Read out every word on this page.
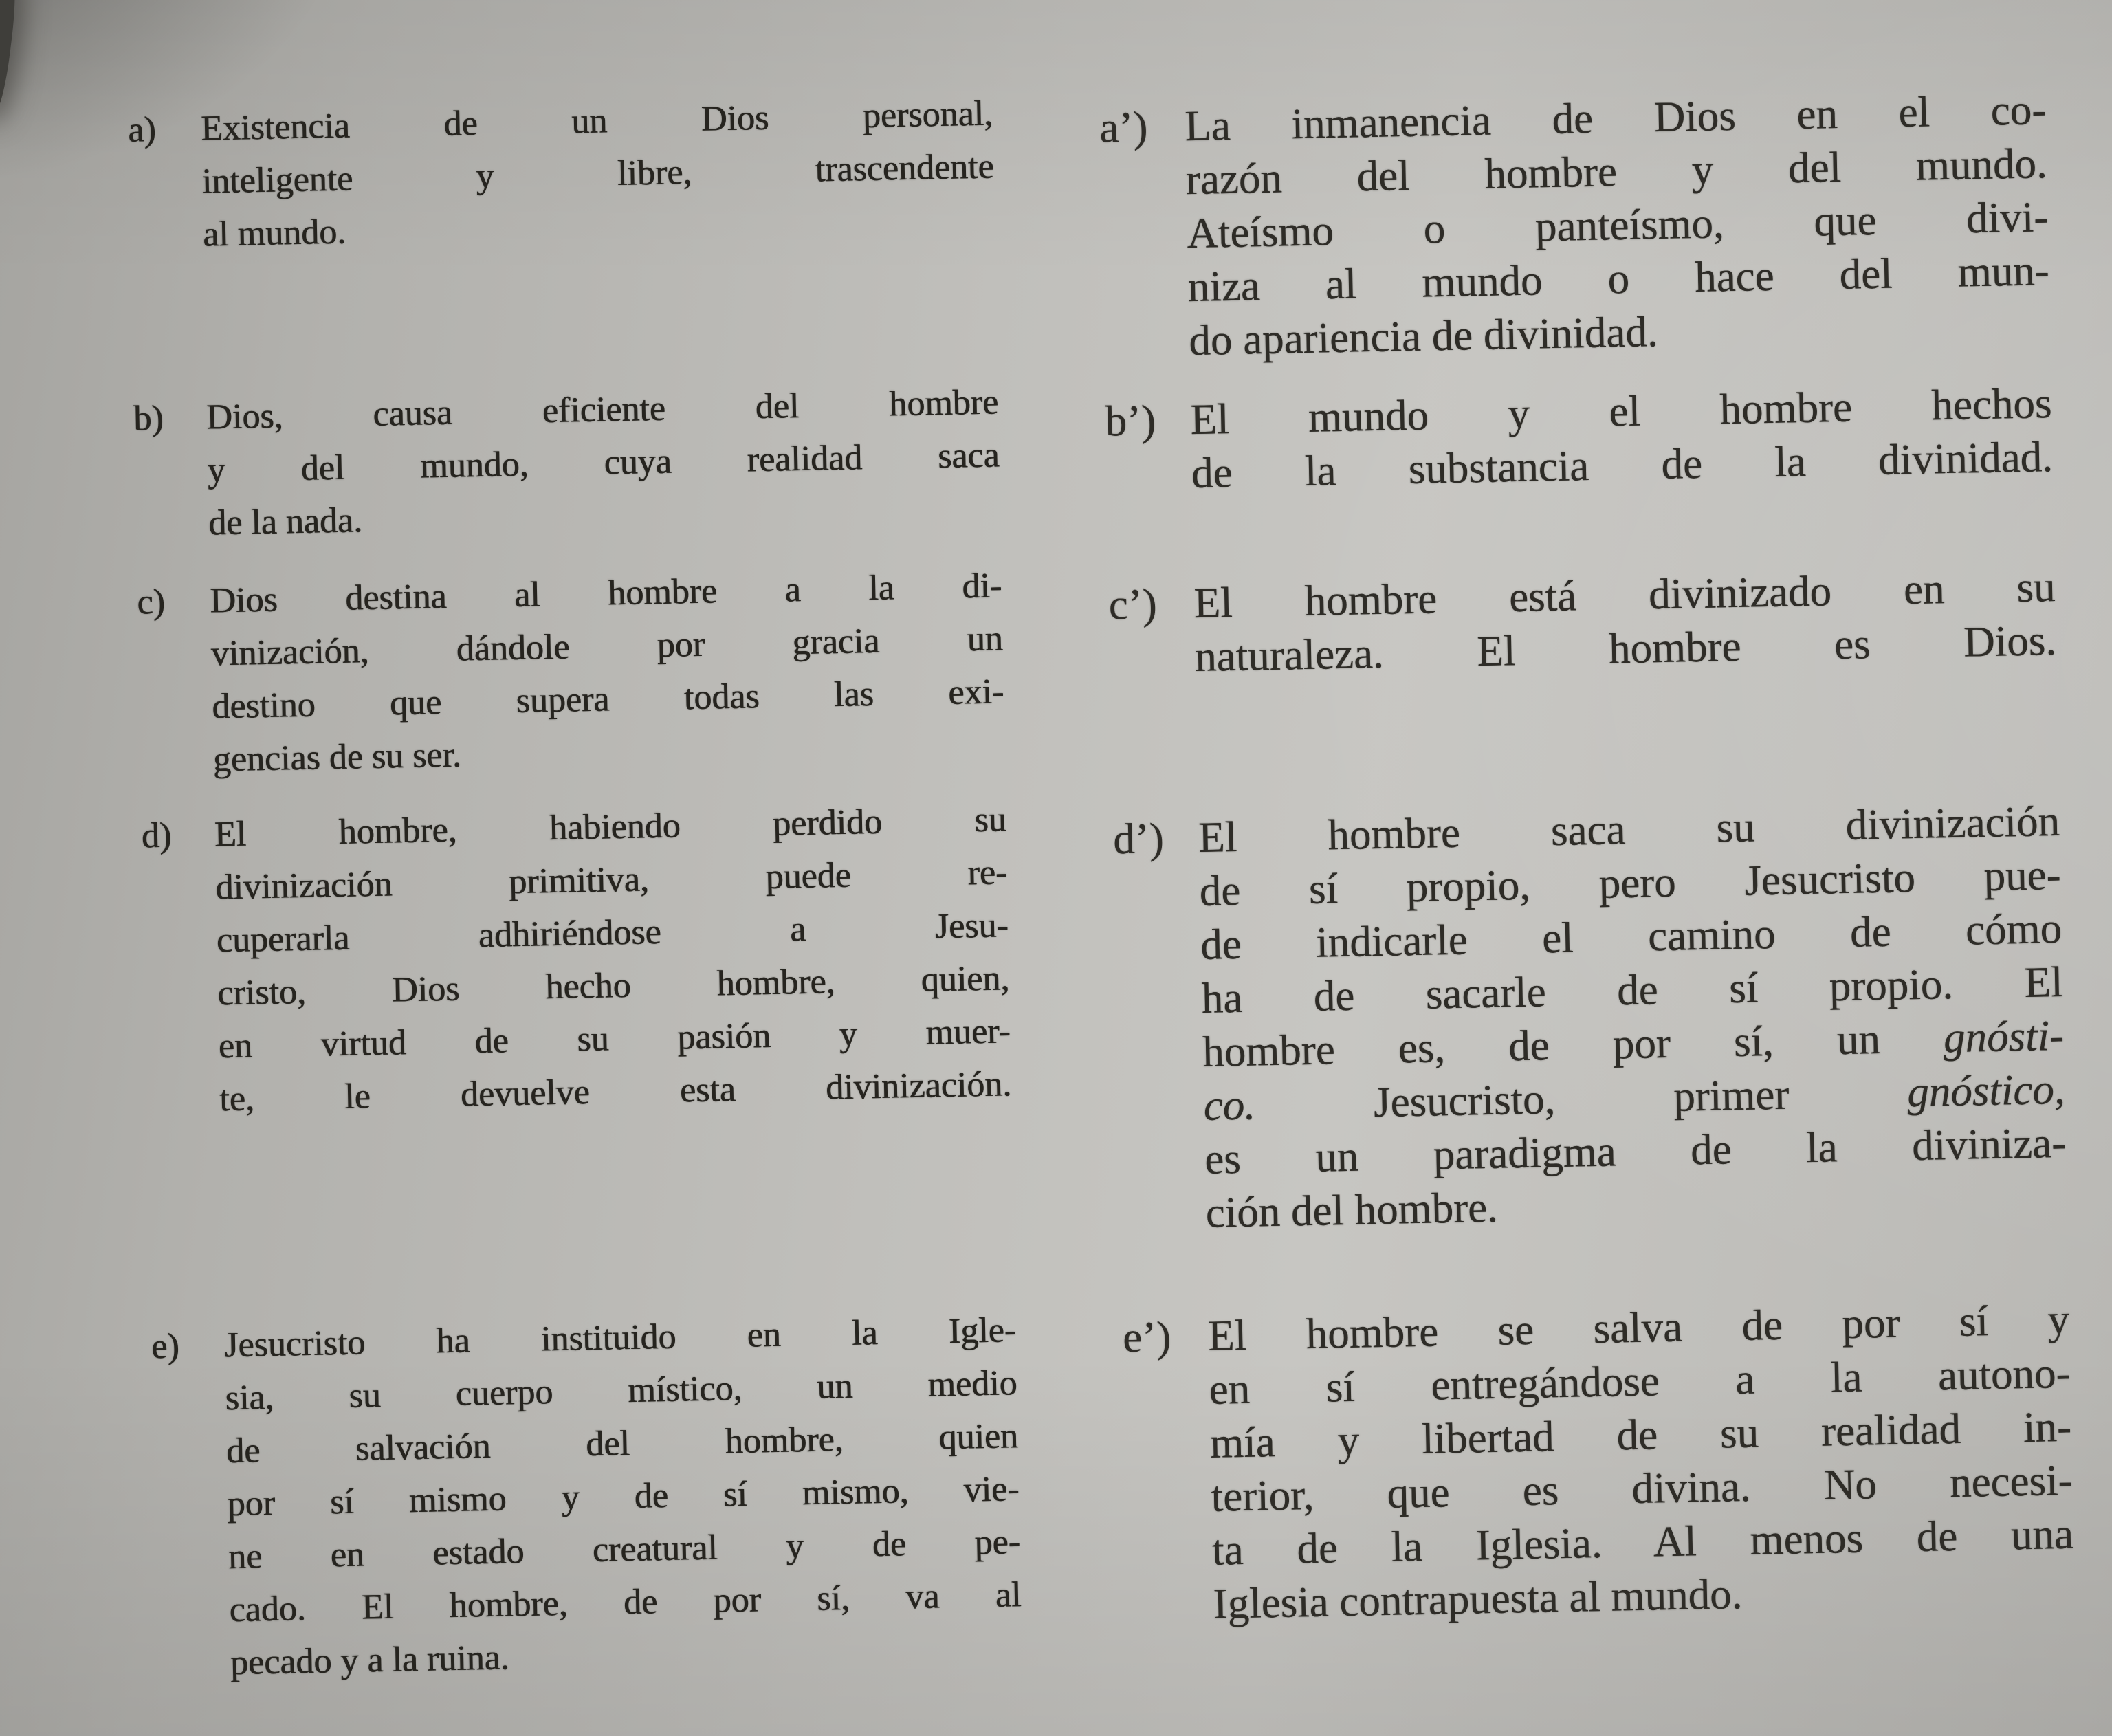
a) Existencia de un Dios personal,
inteligente y libre, trascendente
al mundo.
b) Dios, causa eficiente del hombre
y del mundo, cuya realidad saca
de la nada.
c) Dios destina al hombre a la di-
vinización, dándole por gracia un
destino que supera todas las exi-
gencias de su ser.
d) El hombre, habiendo perdido su
divinización primitiva, puede re-
cuperarla adhiriéndose a Jesu-
cristo, Dios hecho hombre, quien,
en virtud de su pasión y muer-
te, le devuelve esta divinización.
e) Jesucristo ha instituido en la Igle-
sia, su cuerpo místico, un medio
de salvación del hombre, quien
por sí mismo y de sí mismo, vie-
ne en estado creatural y de pe-
cado. El hombre, de por sí, va al
pecado y a la ruina.
a’) La inmanencia de Dios en el co-
razón del hombre y del mundo.
Ateísmo o panteísmo, que divi-
niza al mundo o hace del mun-
do apariencia de divinidad.
b’) El mundo y el hombre hechos
de la substancia de la divinidad.
c’) El hombre está divinizado en su
naturaleza. El hombre es Dios.
d’) El hombre saca su divinización
de sí propio, pero Jesucristo pue-
de indicarle el camino de cómo
ha de sacarle de sí propio. El
hombre es, de por sí, un gnósti-
co. Jesucristo, primer gnóstico,
es un paradigma de la diviniza-
ción del hombre.
e’) El hombre se salva de por sí y
en sí entregándose a la autono-
mía y libertad de su realidad in-
terior, que es divina. No necesi-
ta de la Iglesia. Al menos de una
Iglesia contrapuesta al mundo.
